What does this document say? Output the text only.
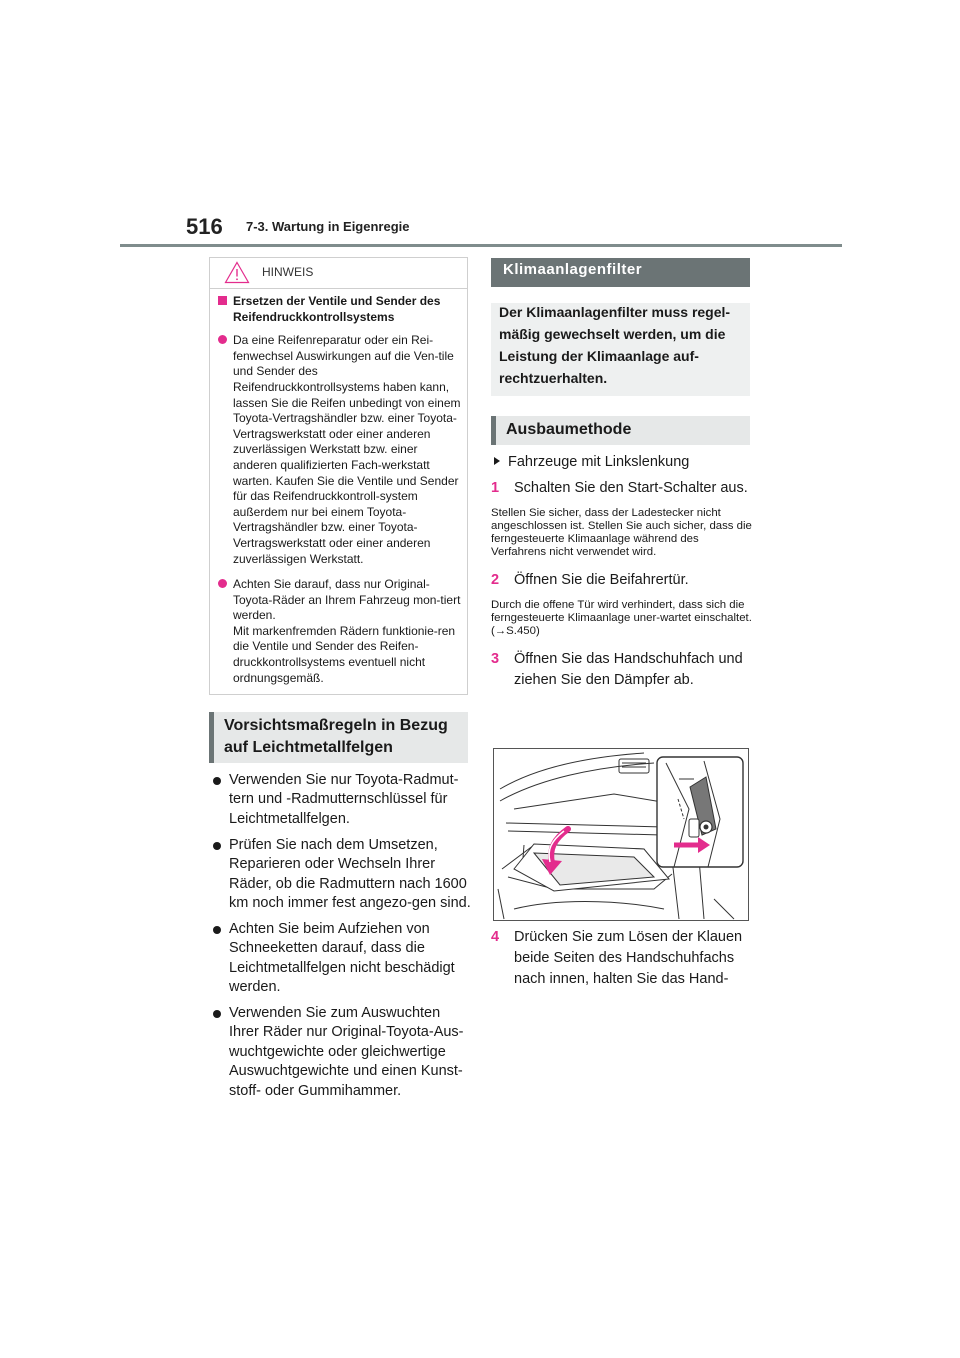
516 7-3. Wartung in Eigenregie
HINWEIS
Ersetzen der Ventile und Sender des Reifendruckkontrollsystems
Da eine Reifenreparatur oder ein Rei-fenwechsel Auswirkungen auf die Ven-tile und Sender des Reifendruckkontrollsystems haben kann, lassen Sie die Reifen unbedingt von einem Toyota-Vertragshändler bzw. einer Toyota-Vertragswerkstatt oder einer anderen zuverlässigen Werkstatt bzw. einer anderen qualifizierten Fach-werkstatt warten. Kaufen Sie die Ventile und Sender für das Reifendruckkontroll-system außerdem nur bei einem Toyota-Vertragshändler bzw. einer Toyota-Vertragswerkstatt oder einer anderen zuverlässigen Werkstatt.
Achten Sie darauf, dass nur Original-Toyota-Räder an Ihrem Fahrzeug mon-tiert werden.
Mit markenfremden Rädern funktionie-ren die Ventile und Sender des Reifen-druckkontrollsystems eventuell nicht ordnungsgemäß.
Vorsichtsmaßregeln in Bezug
auf Leichtmetallfelgen
Verwenden Sie nur Toyota-Radmut-tern und -Radmutternschlüssel für Leichtmetallfelgen.
Prüfen Sie nach dem Umsetzen, Reparieren oder Wechseln Ihrer Räder, ob die Radmuttern nach 1600 km noch immer fest angezo-gen sind.
Achten Sie beim Aufziehen von Schneeketten darauf, dass die Leichtmetallfelgen nicht beschädigt werden.
Verwenden Sie zum Auswuchten Ihrer Räder nur Original-Toyota-Aus-wuchtgewichte oder gleichwertige Auswuchtgewichte und einen Kunst-stoff- oder Gummihammer.
Klimaanlagenfilter
Der Klimaanlagenfilter muss regel-mäßig gewechselt werden, um die Leistung der Klimaanlage auf-rechtzuerhalten.
Ausbaumethode
Fahrzeuge mit Linkslenkung
1 Schalten Sie den Start-Schalter aus.
Stellen Sie sicher, dass der Ladestecker nicht angeschlossen ist. Stellen Sie auch sicher, dass die ferngesteuerte Klimaanlage während des Verfahrens nicht verwendet wird.
2 Öffnen Sie die Beifahrertür.
Durch die offene Tür wird verhindert, dass sich die ferngesteuerte Klimaanlage uner-wartet einschaltet. (→S.450)
3 Öffnen Sie das Handschuhfach und ziehen Sie den Dämpfer ab.
4 Drücken Sie zum Lösen der Klauen beide Seiten des Handschuhfachs nach innen, halten Sie das Hand-
